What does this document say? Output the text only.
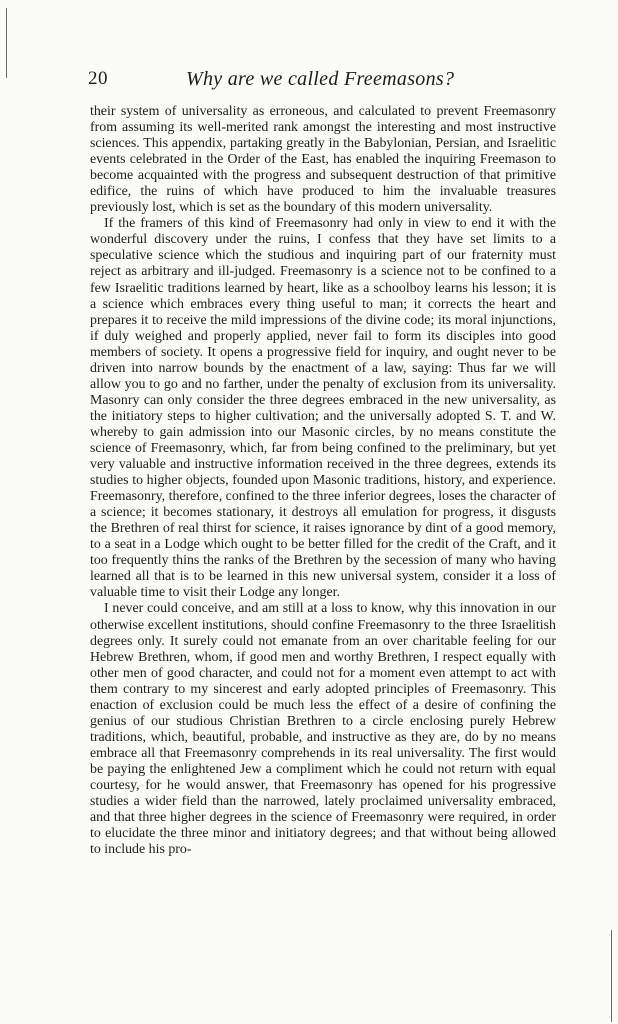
20	Why are we called Freemasons?

their system of universality as erroneous, and calculated to prevent Freemasonry from assuming its well-merited rank amongst the interesting and most instructive sciences. This appendix, partaking greatly in the Babylonian, Persian, and Israelitic events celebrated in the Order of the East, has enabled the inquiring Freemason to become acquainted with the progress and subsequent destruction of that primitive edifice, the ruins of which have produced to him the invaluable treasures previously lost, which is set as the boundary of this modern universality.

If the framers of this kind of Freemasonry had only in view to end it with the wonderful discovery under the ruins, I confess that they have set limits to a speculative science which the studious and inquiring part of our fraternity must reject as arbitrary and ill-judged. Freemasonry is a science not to be confined to a few Israelitic traditions learned by heart, like as a schoolboy learns his lesson; it is a science which embraces every thing useful to man; it corrects the heart and prepares it to receive the mild impressions of the divine code; its moral injunctions, if duly weighed and properly applied, never fail to form its disciples into good members of society. It opens a progressive field for inquiry, and ought never to be driven into narrow bounds by the enactment of a law, saying: Thus far we will allow you to go and no farther, under the penalty of exclusion from its universality. Masonry can only consider the three degrees embraced in the new universality, as the initiatory steps to higher cultivation; and the universally adopted S. T. and W. whereby to gain admission into our Masonic circles, by no means constitute the science of Freemasonry, which, far from being confined to the preliminary, but yet very valuable and instructive information received in the three degrees, extends its studies to higher objects, founded upon Masonic traditions, history, and experience. Freemasonry, therefore, confined to the three inferior degrees, loses the character of a science; it becomes stationary, it destroys all emulation for progress, it disgusts the Brethren of real thirst for science, it raises ignorance by dint of a good memory, to a seat in a Lodge which ought to be better filled for the credit of the Craft, and it too frequently thins the ranks of the Brethren by the secession of many who having learned all that is to be learned in this new universal system, consider it a loss of valuable time to visit their Lodge any longer.

I never could conceive, and am still at a loss to know, why this innovation in our otherwise excellent institutions, should confine Freemasonry to the three Israelitish degrees only. It surely could not emanate from an over charitable feeling for our Hebrew Brethren, whom, if good men and worthy Brethren, I respect equally with other men of good character, and could not for a moment even attempt to act with them contrary to my sincerest and early adopted principles of Freemasonry. This enaction of exclusion could be much less the effect of a desire of confining the genius of our studious Christian Brethren to a circle enclosing purely Hebrew traditions, which, beautiful, probable, and instructive as they are, do by no means embrace all that Freemasonry comprehends in its real universality. The first would be paying the enlightened Jew a compliment which he could not return with equal courtesy, for he would answer, that Freemasonry has opened for his progressive studies a wider field than the narrowed, lately proclaimed universality embraced, and that three higher degrees in the science of Freemasonry were required, in order to elucidate the three minor and initiatory degrees; and that without being allowed to include his pro-
